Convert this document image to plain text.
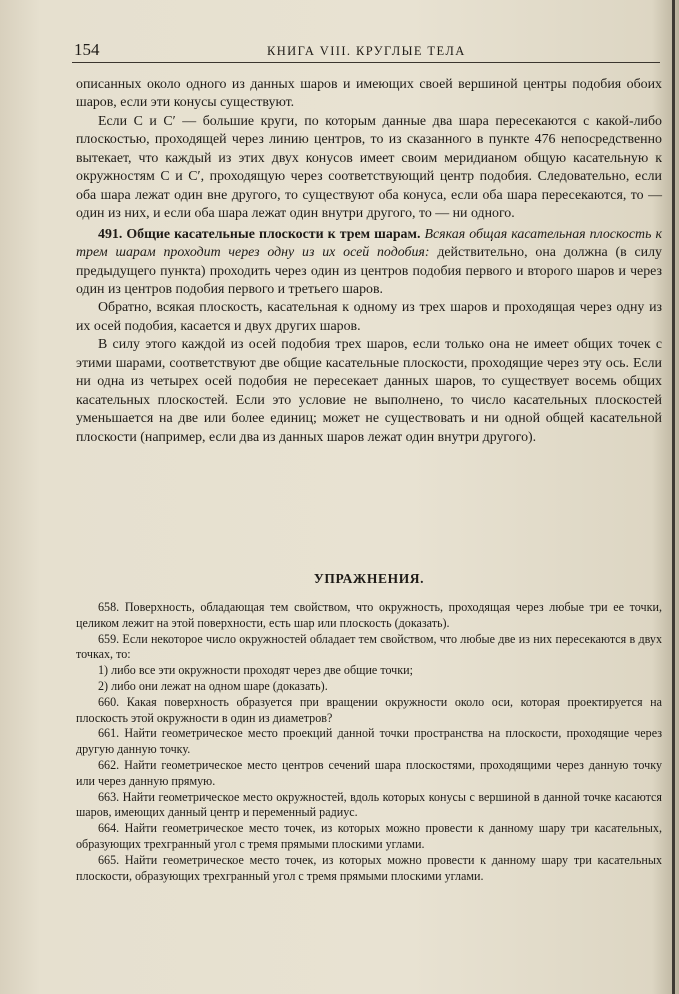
154	КНИГА VIII. КРУГЛЫЕ ТЕЛА

описанных около одного из данных шаров и имеющих своей вершиной центры подобия обоих шаров, если эти конусы существуют.

Если C и C′ — большие круги, по которым данные два шара пересекаются с какой-либо плоскостью, проходящей через линию центров, то из сказанного в пункте 476 непосредственно вытекает, что каждый из этих двух конусов имеет своим меридианом общую касательную к окружностям C и C′, проходящую через соответствующий центр подобия. Следовательно, если оба шара лежат один вне другого, то существуют оба конуса, если оба шара пересекаются, то — один из них, и если оба шара лежат один внутри другого, то — ни одного.

491. Общие касательные плоскости к трем шарам. Всякая общая касательная плоскость к трем шарам проходит через одну из их осей подобия: действительно, она должна (в силу предыдущего пункта) проходить через один из центров подобия первого и второго шаров и через один из центров подобия первого и третьего шаров.

Обратно, всякая плоскость, касательная к одному из трех шаров и проходящая через одну из их осей подобия, касается и двух других шаров.

В силу этого каждой из осей подобия трех шаров, если только она не имеет общих точек с этими шарами, соответствуют две общие касательные плоскости, проходящие через эту ось. Если ни одна из четырех осей подобия не пересекает данных шаров, то существует восемь общих касательных плоскостей. Если это условие не выполнено, то число касательных плоскостей уменьшается на две или более единиц; может не существовать и ни одной общей касательной плоскости (например, если два из данных шаров лежат один внутри другого).

УПРАЖНЕНИЯ.

658. Поверхность, обладающая тем свойством, что окружность, проходящая через любые три ее точки, целиком лежит на этой поверхности, есть шар или плоскость (доказать).

659. Если некоторое число окружностей обладает тем свойством, что любые две из них пересекаются в двух точках, то:

1) либо все эти окружности проходят через две общие точки;

2) либо они лежат на одном шаре (доказать).

660. Какая поверхность образуется при вращении окружности около оси, которая проектируется на плоскость этой окружности в один из диаметров?

661. Найти геометрическое место проекций данной точки пространства на плоскости, проходящие через другую данную точку.

662. Найти геометрическое место центров сечений шара плоскостями, проходящими через данную точку или через данную прямую.

663. Найти геометрическое место окружностей, вдоль которых конусы с вершиной в данной точке касаются шаров, имеющих данный центр и переменный радиус.

664. Найти геометрическое место точек, из которых можно провести к данному шару три касательных, образующих трехгранный угол с тремя прямыми плоскими углами.

665. Найти геометрическое место точек, из которых можно провести к данному шару три касательных плоскости, образующих трехгранный угол с тремя прямыми плоскими углами.
